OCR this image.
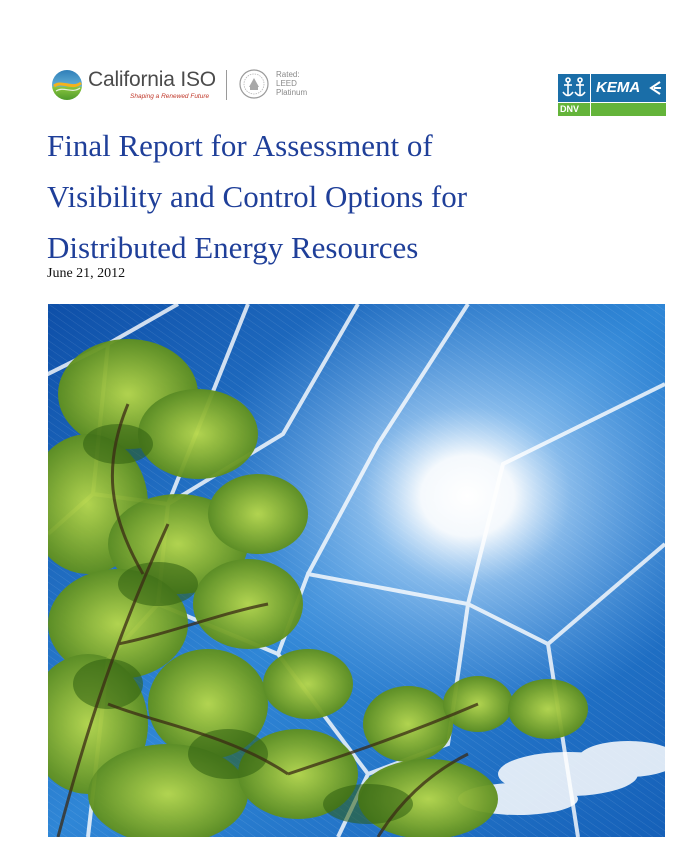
California ISO
Shaping a Renewed Future
Rated:
LEED
Platinum	KEMA
DNV
Final Report for Assessment of
Visibility and Control Options for
Distributed Energy Resources
June 21, 2012
